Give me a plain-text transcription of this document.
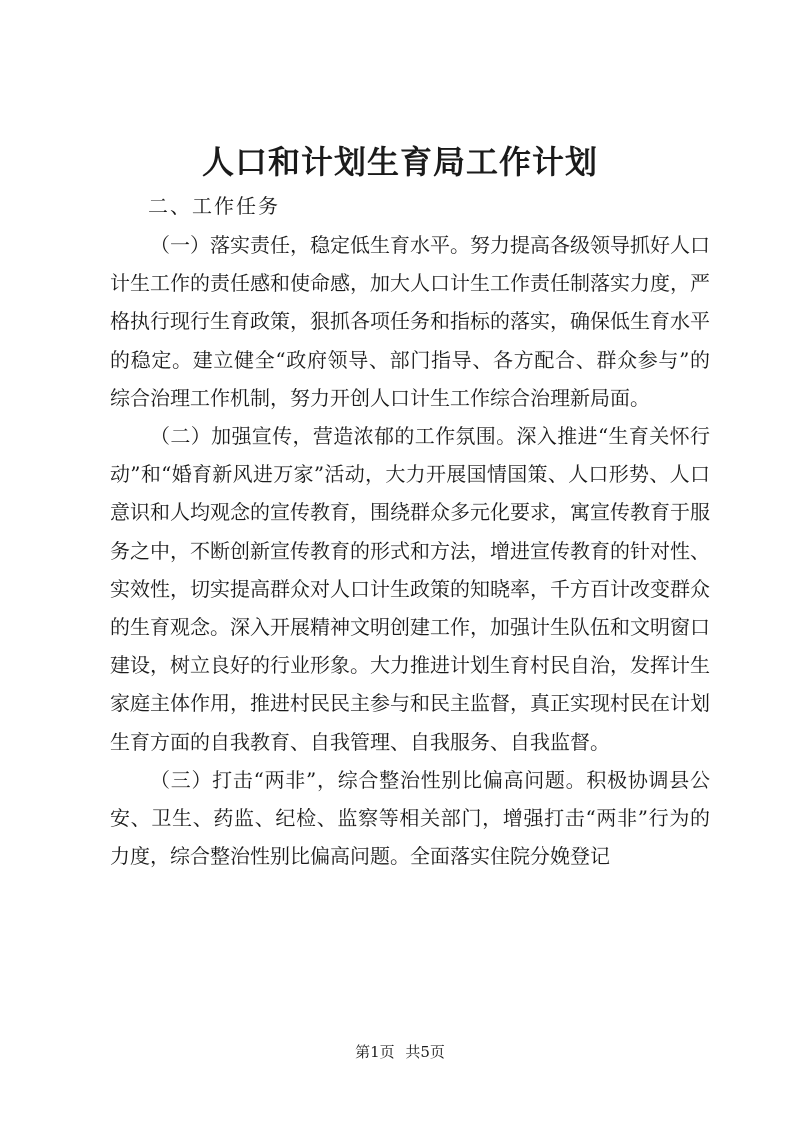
人口和计划生育局工作计划
二、工作任务

（一）落实责任，稳定低生育水平。努力提高各级领导抓好人口计生工作的责任感和使命感，加大人口计生工作责任制落实力度，严格执行现行生育政策，狠抓各项任务和指标的落实，确保低生育水平的稳定。建立健全“政府领导、部门指导、各方配合、群众参与”的综合治理工作机制，努力开创人口计生工作综合治理新局面。

（二）加强宣传，营造浓郁的工作氛围。深入推进“生育关怀行动”和“婚育新风进万家”活动，大力开展国情国策、人口形势、人口意识和人均观念的宣传教育，围绕群众多元化要求，寓宣传教育于服务之中，不断创新宣传教育的形式和方法，增进宣传教育的针对性、实效性，切实提高群众对人口计生政策的知晓率，千方百计改变群众的生育观念。深入开展精神文明创建工作，加强计生队伍和文明窗口建设，树立良好的行业形象。大力推进计划生育村民自治，发挥计生家庭主体作用，推进村民民主参与和民主监督，真正实现村民在计划生育方面的自我教育、自我管理、自我服务、自我监督。

（三）打击“两非”，综合整治性别比偏高问题。积极协调县公安、卫生、药监、纪检、监察等相关部门，增强打击“两非”行为的力度，综合整治性别比偏高问题。全面落实住院分娩登记

第1页 共5页
